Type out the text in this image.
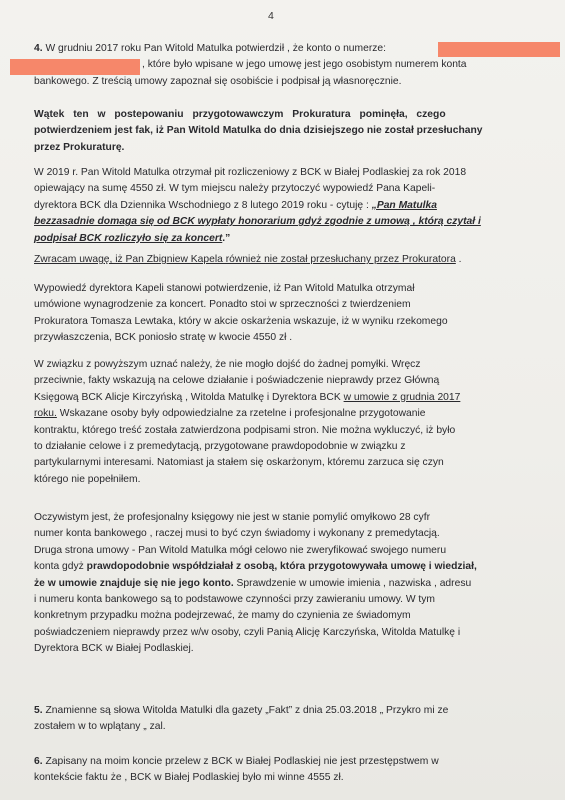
4
4. W grudniu 2017 roku Pan Witold Matulka potwierdził , że konto o numerze:
, które było wpisane w jego umowę jest jego osobistym numerem konta
bankowego. Z treścią umowy zapoznał się osobiście i podpisał ją własnoręcznie.
Wątek ten w postepowaniu przygotowawczym Prokuratura pominęła, czego
potwierdzeniem jest fak, iż Pan Witold Matulka do dnia dzisiejszego nie został przesłuchany
przez Prokuraturę.
W 2019 r. Pan Witold Matulka otrzymał pit rozliczeniowy z BCK w Białej Podlaskiej za rok 2018
opiewający na sumę 4550 zł. W tym miejscu należy przytoczyć wypowiedź Pana Kapeli-
dyrektora BCK dla Dziennika Wschodniego z 8 lutego 2019 roku - cytuję : „Pan Matulka
bezzasadnie domaga się od BCK wypłaty honorarium gdyż zgodnie z umową , którą czytał i
podpisał BCK rozliczyło się za koncert.”
Zwracam uwagę, iż Pan Zbigniew Kapela również nie został przesłuchany przez Prokuratora .
Wypowiedź dyrektora Kapeli stanowi potwierdzenie, iż Pan Witold Matulka otrzymał
umówione wynagrodzenie za koncert. Ponadto stoi w sprzeczności z twierdzeniem
Prokuratora Tomasza Lewtaka, który w akcie oskarżenia wskazuje, iż w wyniku rzekomego
przywłaszczenia, BCK poniosło stratę w kwocie 4550 zł .
W związku z powyższym uznać należy, że nie mogło dojść do żadnej pomyłki. Wręcz
przeciwnie, fakty wskazują na celowe działanie i poświadczenie nieprawdy przez Główną
Księgową BCK Alicje Kirczyńską , Witolda Matulkę i Dyrektora BCK w umowie z grudnia 2017
roku. Wskazane osoby były odpowiedzialne za rzetelne i profesjonalne przygotowanie
kontraktu, którego treść została zatwierdzona podpisami stron. Nie można wykluczyć, iż było
to działanie celowe i z premedytacją, przygotowane prawdopodobnie w związku z
partykularnymi interesami. Natomiast ja stałem się oskarżonym, któremu zarzuca się czyn
którego nie popełniłem.
Oczywistym jest, że profesjonalny księgowy nie jest w stanie pomylić omyłkowo 28 cyfr
numer konta bankowego , raczej musi to być czyn świadomy i wykonany z premedytacją.
Druga strona umowy - Pan Witold Matulka mógł celowo nie zweryfikować swojego numeru
konta gdyż prawdopodobnie współdziałał z osobą, która przygotowywała umowę i wiedział,
że w umowie znajduje się nie jego konto. Sprawdzenie w umowie imienia , nazwiska , adresu
i numeru konta bankowego są to podstawowe czynności przy zawieraniu umowy. W tym
konkretnym przypadku można podejrzewać, że mamy do czynienia ze świadomym
poświadczeniem nieprawdy przez w/w osoby, czyli Panią Alicję Karczyńska, Witolda Matulkę i
Dyrektora BCK w Białej Podlaskiej.
5. Znamienne są słowa Witolda Matulki dla gazety „Fakt” z dnia 25.03.2018 „ Przykro mi ze
zostałem w to wplątany „ zal.
6. Zapisany na moim koncie przelew z BCK w Białej Podlaskiej nie jest przestępstwem w
kontekście faktu że , BCK w Białej Podlaskiej było mi winne 4555 zł.
